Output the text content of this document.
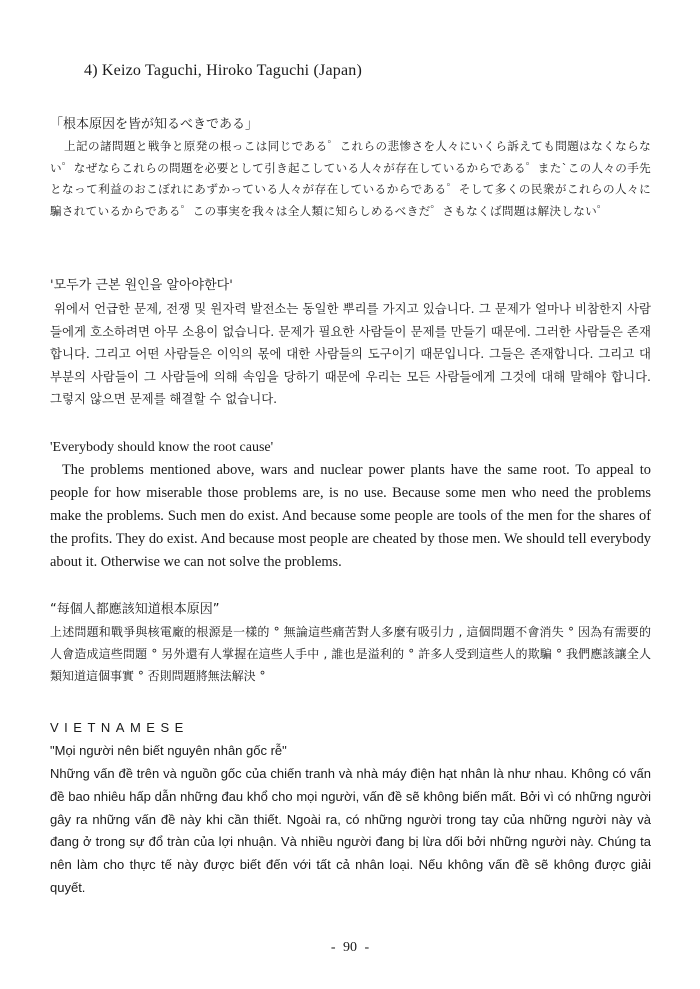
4) Keizo Taguchi, Hiroko Taguchi (Japan)

「根本原因を皆が知るべきである」

上記の諸問題と戦争と原発の根っこは同じである゜これらの悲惨さを人々にいくら訴えても問題はなくならない゜なぜならこれらの問題を必要として引き起こしている人々が存在しているからである゜また`この人々の手先となって利益のおこぼれにあずかっている人々が存在しているからである゜そして多くの民衆がこれらの人々に騙されているからである゜この事実を我々は全人類に知らしめるべきだ゜さもなくば問題は解決しない゜

'모두가 근본 원인을 알아야한다'

위에서 언급한 문제, 전쟁 및 원자력 발전소는 동일한 뿌리를 가지고 있습니다. 그 문제가 얼마나 비참한지 사람들에게 호소하려면 아무 소용이 없습니다. 문제가 필요한 사람들이 문제를 만들기 때문에. 그러한 사람들은 존재합니다. 그리고 어떤 사람들은 이익의 몫에 대한 사람들의 도구이기 때문입니다. 그들은 존재합니다. 그리고 대부분의 사람들이 그 사람들에 의해 속임을 당하기 때문에 우리는 모든 사람들에게 그것에 대해 말해야 합니다. 그렇지 않으면 문제를 해결할 수 없습니다.

'Everybody should know the root cause'

The problems mentioned above, wars and nuclear power plants have the same root. To appeal to people for how miserable those problems are, is no use. Because some men who need the problems make the problems. Such men do exist. And because some people are tools of the men for the shares of the profits. They do exist. And because most people are cheated by those men. We should tell everybody about it. Otherwise we can not solve the problems.

“每個人都應該知道根本原因”

上述問題和戰爭與核電廠的根源是一樣的 ° 無論這些痛苦對人多麼有吸引力 , 這個問題不會消失 ° 因為有需要的人會造成這些問題 ° 另外還有人掌握在這些人手中 , 誰也是溢利的 ° 許多人受到這些人的欺騙 ° 我們應該讓全人類知道這個事實 ° 否則問題將無法解決 °

VIETNAMESE

"Mọi người nên biết nguyên nhân gốc rễ"

Những vấn đề trên và nguồn gốc của chiến tranh và nhà máy điện hạt nhân là như nhau. Không có vấn đề bao nhiêu hấp dẫn những đau khổ cho mọi người, vấn đề sẽ không biến mất. Bởi vì có những người gây ra những vấn đề này khi cần thiết. Ngoài ra, có những người trong tay của những người này và đang ở trong sự đổ tràn của lợi nhuận. Và nhiều người đang bị lừa dối bởi những người này. Chúng ta nên làm cho thực tế này được biết đến với tất cả nhân loại. Nếu không vấn đề sẽ không được giải quyết.

- 90 -
